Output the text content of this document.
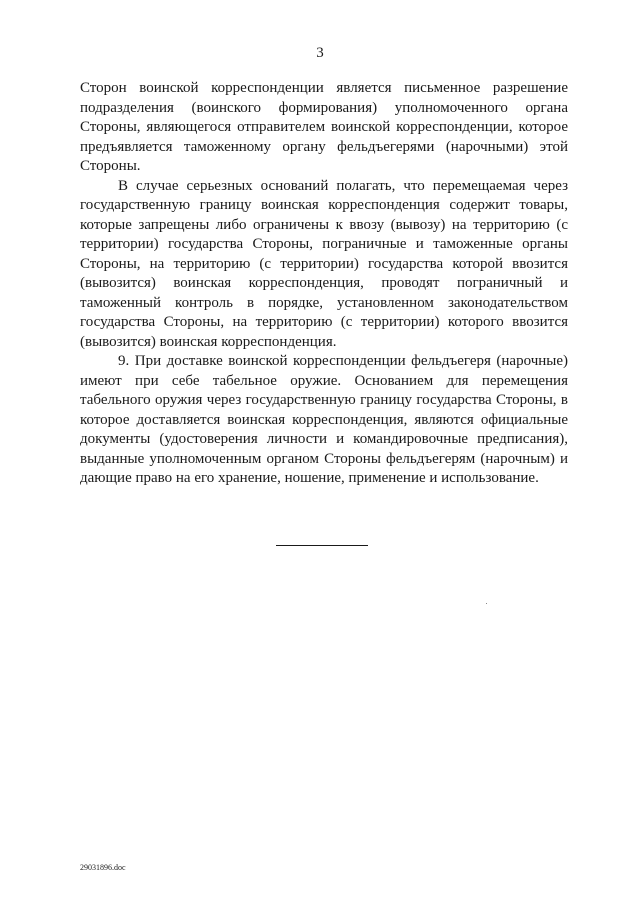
3

Сторон воинской корреспонденции является письменное разрешение подразделения (воинского формирования) уполномоченного органа Стороны, являющегося отправителем воинской корреспонденции, которое предъявляется таможенному органу фельдъегерями (нарочными) этой Стороны.

В случае серьезных оснований полагать, что перемещаемая через государственную границу воинская корреспонденция содержит товары, которые запрещены либо ограничены к ввозу (вывозу) на территорию (с территории) государства Стороны, пограничные и таможенные органы Стороны, на территорию (с территории) государства которой ввозится (вывозится) воинская корреспонденция, проводят пограничный и таможенный контроль в порядке, установленном законодательством государства Стороны, на территорию (с территории) которого ввозится (вывозится) воинская корреспонденция.

9. При доставке воинской корреспонденции фельдъегеря (нарочные) имеют при себе табельное оружие. Основанием для перемещения табельного оружия через государственную границу государства Стороны, в которое доставляется воинская корреспонденция, являются официальные документы (удостоверения личности и командировочные предписания), выданные уполномоченным органом Стороны фельдъегерям (нарочным) и дающие право на его хранение, ношение, применение и использование.

29031896.doc
